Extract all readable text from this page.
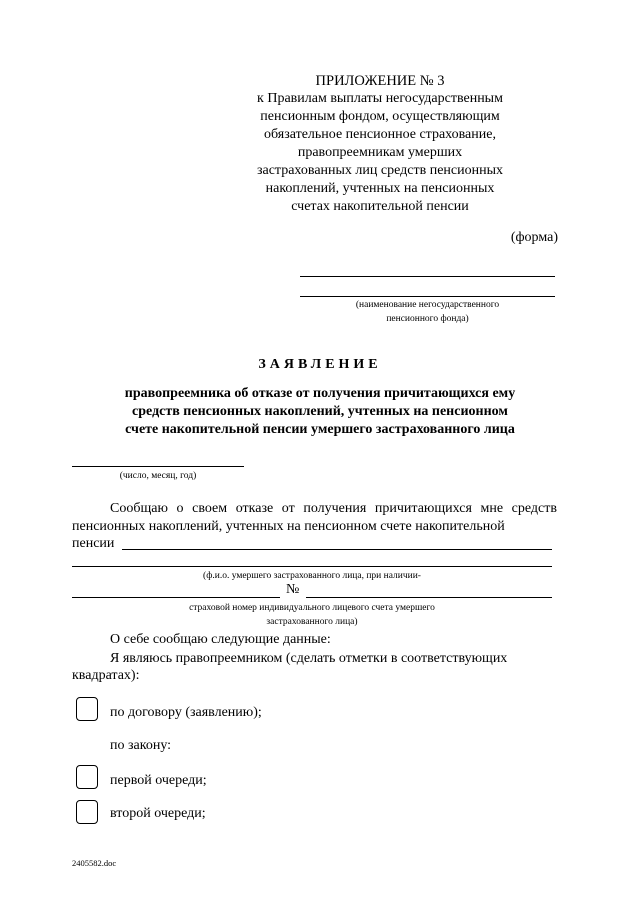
ПРИЛОЖЕНИЕ № 3
к Правилам выплаты негосударственным
пенсионным фондом, осуществляющим
обязательное пенсионное страхование,
правопреемникам умерших
застрахованных лиц средств пенсионных
накоплений, учтенных на пенсионных
счетах накопительной пенсии
(форма)
(наименование негосударственного
пенсионного фонда)
ЗАЯВЛЕНИЕ
правопреемника об отказе от получения причитающихся ему
средств пенсионных накоплений, учтенных на пенсионном
счете накопительной пенсии умершего застрахованного лица
(число, месяц, год)
Сообщаю о своем отказе от получения причитающихся мне средств пенсионных накоплений, учтенных на пенсионном счете накопительной
пенсии
(ф.и.о. умершего застрахованного лица, при наличии-
№
страховой номер индивидуального лицевого счета умершего
застрахованного лица)
О себе сообщаю следующие данные:
Я являюсь правопреемником (сделать отметки в соответствующих
квадратах):
по договору (заявлению);
по закону:
первой очереди;
второй очереди;
2405582.doc
